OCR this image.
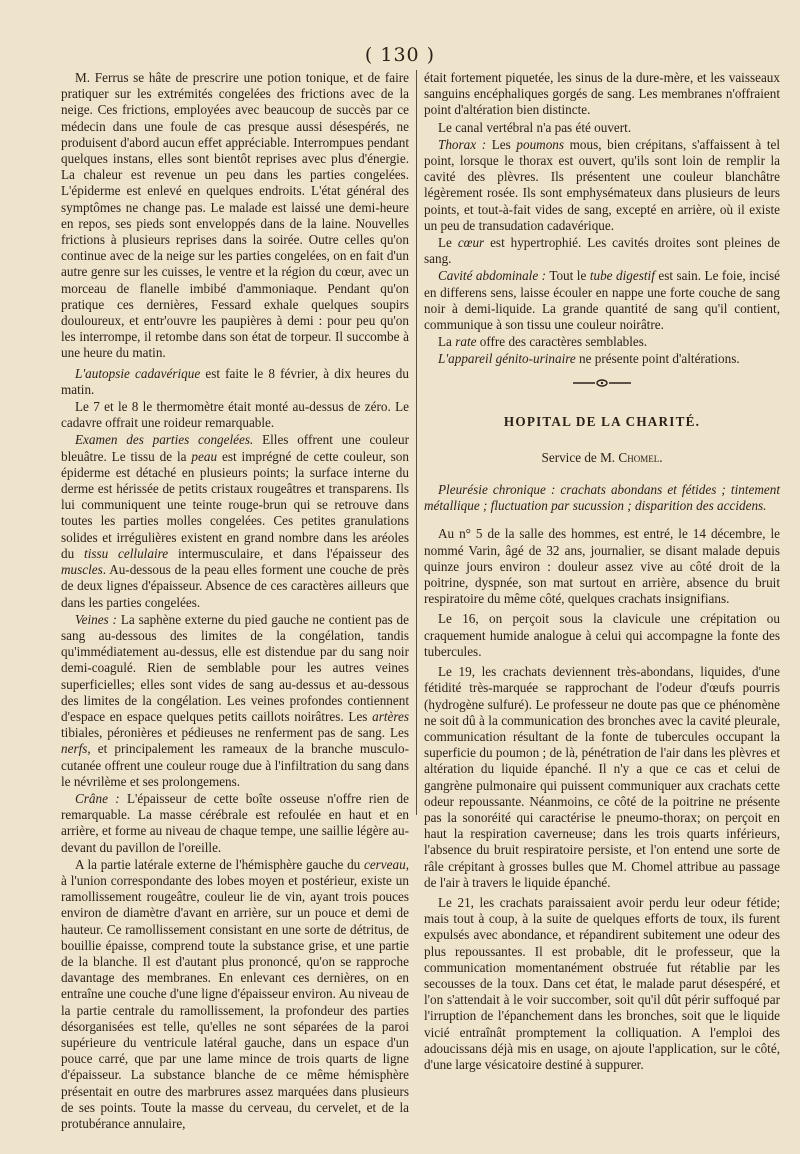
( 130 )

M. Ferrus se hâte de prescrire une potion tonique, et de faire pratiquer sur les extrémités congelées des frictions avec de la neige. Ces frictions, employées avec beaucoup de succès par ce médecin dans une foule de cas presque aussi désespérés, ne produisent d'abord aucun effet appréciable. Interrompues pendant quelques instans, elles sont bientôt reprises avec plus d'énergie. La chaleur est revenue un peu dans les parties congelées. L'épiderme est enlevé en quelques endroits. L'état général des symptômes ne change pas. Le malade est laissé une demi-heure en repos, ses pieds sont enveloppés dans de la laine. Nouvelles frictions à plusieurs reprises dans la soirée. Outre celles qu'on continue avec de la neige sur les parties congelées, on en fait d'un autre genre sur les cuisses, le ventre et la région du cœur, avec un morceau de flanelle imbibé d'ammoniaque. Pendant qu'on pratique ces dernières, Fessard exhale quelques soupirs douloureux, et entr'ouvre les paupières à demi : pour peu qu'on les interrompe, il retombe dans son état de torpeur. Il succombe à une heure du matin.

L'autopsie cadavérique est faite le 8 février, à dix heures du matin.

Le 7 et le 8 le thermomètre était monté au-dessus de zéro. Le cadavre offrait une roideur remarquable.

Examen des parties congelées. Elles offrent une couleur bleuâtre. Le tissu de la peau est imprégné de cette couleur, son épiderme est détaché en plusieurs points; la surface interne du derme est hérissée de petits cristaux rougeâtres et transparens. Ils lui communiquent une teinte rouge-brun qui se retrouve dans toutes les parties molles congelées. Ces petites granulations solides et irrégulières existent en grand nombre dans les aréoles du tissu cellulaire intermusculaire, et dans l'épaisseur des muscles. Au-dessous de la peau elles forment une couche de près de deux lignes d'épaisseur. Absence de ces caractères ailleurs que dans les parties congelées.

Veines : La saphène externe du pied gauche ne contient pas de sang au-dessous des limites de la congélation, tandis qu'immédiatement au-dessus, elle est distendue par du sang noir demi-coagulé. Rien de semblable pour les autres veines superficielles; elles sont vides de sang au-dessus et au-dessous des limites de la congélation. Les veines profondes contiennent d'espace en espace quelques petits caillots noirâtres. Les artères tibiales, péronières et pédieuses ne renferment pas de sang. Les nerfs, et principalement les rameaux de la branche musculo-cutanée offrent une couleur rouge due à l'infiltration du sang dans le névrilème et ses prolongemens.

Crâne : L'épaisseur de cette boîte osseuse n'offre rien de remarquable. La masse cérébrale est refoulée en haut et en arrière, et forme au niveau de chaque tempe, une saillie légère au-devant du pavillon de l'oreille.

A la partie latérale externe de l'hémisphère gauche du cerveau, à l'union correspondante des lobes moyen et postérieur, existe un ramollissement rougeâtre, couleur lie de vin, ayant trois pouces environ de diamètre d'avant en arrière, sur un pouce et demi de hauteur. Ce ramollissement consistant en une sorte de détritus, de bouillie épaisse, comprend toute la substance grise, et une partie de la blanche. Il est d'autant plus prononcé, qu'on se rapproche davantage des membranes. En enlevant ces dernières, on en entraîne une couche d'une ligne d'épaisseur environ. Au niveau de la partie centrale du ramollissement, la profondeur des parties désorganisées est telle, qu'elles ne sont séparées de la paroi supérieure du ventricule latéral gauche, dans un espace d'un pouce carré, que par une lame mince de trois quarts de ligne d'épaisseur. La substance blanche de ce même hémisphère présentait en outre des marbrures assez marquées dans plusieurs de ses points. Toute la masse du cerveau, du cervelet, et de la protubérance annulaire,

était fortement piquetée, les sinus de la dure-mère, et les vaisseaux sanguins encéphaliques gorgés de sang. Les membranes n'offraient point d'altération bien distincte.

Le canal vertébral n'a pas été ouvert.

Thorax : Les poumons mous, bien crépitans, s'affaissent à tel point, lorsque le thorax est ouvert, qu'ils sont loin de remplir la cavité des plèvres. Ils présentent une couleur blanchâtre légèrement rosée. Ils sont emphysémateux dans plusieurs de leurs points, et tout-à-fait vides de sang, excepté en arrière, où il existe un peu de transudation cadavérique.

Le cœur est hypertrophié. Les cavités droites sont pleines de sang.

Cavité abdominale : Tout le tube digestif est sain. Le foie, incisé en differens sens, laisse écouler en nappe une forte couche de sang noir à demi-liquide. La grande quantité de sang qu'il contient, communique à son tissu une couleur noirâtre.

La rate offre des caractères semblables.

L'appareil génito-urinaire ne présente point d'altérations.

HOPITAL DE LA CHARITÉ.
Service de M. Chomel.
Pleurésie chronique : crachats abondans et fétides ; tintement métallique ; fluctuation par sucussion ; disparition des accidens.

Au n° 5 de la salle des hommes, est entré, le 14 décembre, le nommé Varin, âgé de 32 ans, journalier, se disant malade depuis quinze jours environ : douleur assez vive au côté droit de la poitrine, dyspnée, son mat surtout en arrière, absence du bruit respiratoire du même côté, quelques crachats insignifians.

Le 16, on perçoit sous la clavicule une crépitation ou craquement humide analogue à celui qui accompagne la fonte des tubercules.

Le 19, les crachats deviennent très-abondans, liquides, d'une fétidité très-marquée se rapprochant de l'odeur d'œufs pourris (hydrogène sulfuré). Le professeur ne doute pas que ce phénomène ne soit dû à la communication des bronches avec la cavité pleurale, communication résultant de la fonte de tubercules occupant la superficie du poumon ; de là, pénétration de l'air dans les plèvres et altération du liquide épanché. Il n'y a que ce cas et celui de gangrène pulmonaire qui puissent communiquer aux crachats cette odeur repoussante. Néanmoins, ce côté de la poitrine ne présente pas la sonoréité qui caractérise le pneumo-thorax; on perçoit en haut la respiration caverneuse; dans les trois quarts inférieurs, l'absence du bruit respiratoire persiste, et l'on entend une sorte de râle crépitant à grosses bulles que M. Chomel attribue au passage de l'air à travers le liquide épanché.

Le 21, les crachats paraissaient avoir perdu leur odeur fétide; mais tout à coup, à la suite de quelques efforts de toux, ils furent expulsés avec abondance, et répandirent subitement une odeur des plus repoussantes. Il est probable, dit le professeur, que la communication momentanément obstruée fut rétablie par les secousses de la toux. Dans cet état, le malade parut désespéré, et l'on s'attendait à le voir succomber, soit qu'il dût périr suffoqué par l'irruption de l'épanchement dans les bronches, soit que le liquide vicié entraînât promptement la colliquation. A l'emploi des adoucissans déjà mis en usage, on ajoute l'application, sur le côté, d'une large vésicatoire destiné à suppurer.
